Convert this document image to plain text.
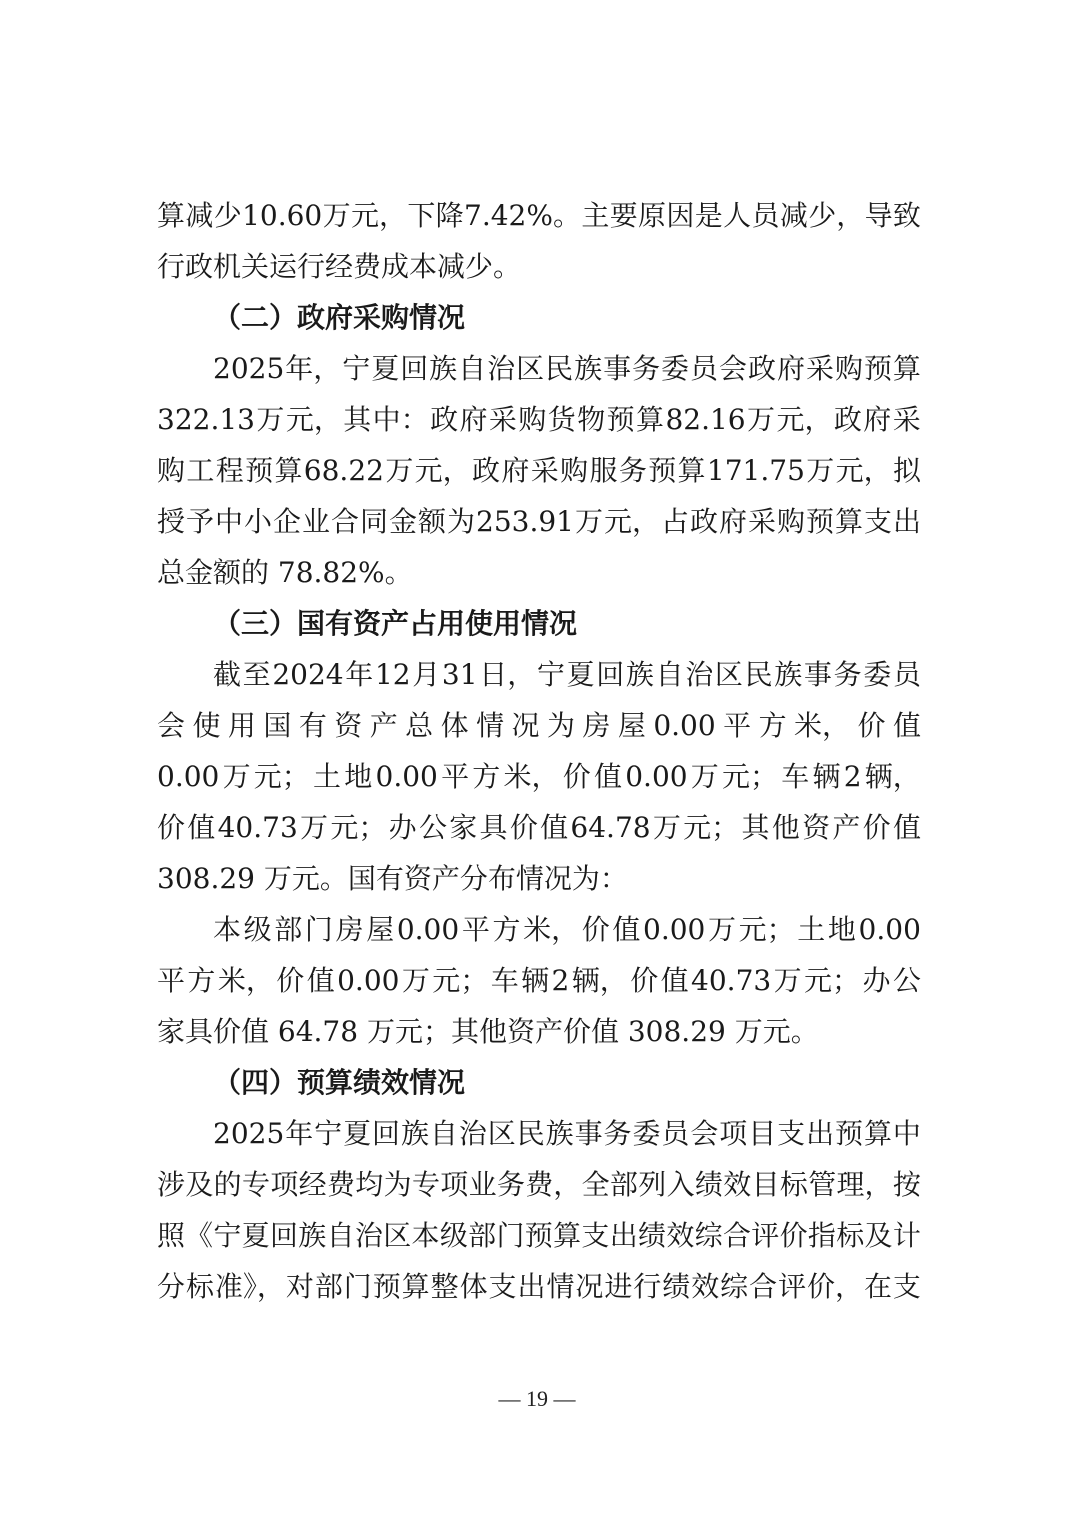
算 减 少 10.60 万 元， 下 降 7.42%。 主 要 原 因 是 人 员 减 少， 导 致
行政机关运行经费成本减少。
（二）政府采购情况
2025 年， 宁 夏 回 族 自 治 区 民 族 事 务 委 员 会 政 府 采 购 预 算
322.13 万 元， 其 中： 政 府 采 购 货 物 预 算 82.16 万 元， 政 府 采
购 工 程 预 算 68.22 万 元， 政 府 采 购 服 务 预 算 171.75 万 元， 拟
授 予 中 小 企 业 合 同 金 额 为 253.91 万 元， 占 政 府 采 购 预 算 支 出
总金额的 78.82%。
（三）国有资产占用使用情况
截 至 2024 年 12 月 31 日， 宁 夏 回 族 自 治 区 民 族 事 务 委 员
会 使 用 国 有 资 产 总 体 情 况 为 房 屋 0.00 平 方 米， 价 值
0.00 万 元； 土 地 0.00 平 方 米， 价 值 0.00 万 元； 车 辆 2 辆，
价 值 40.73 万 元； 办 公 家 具 价 值 64.78 万 元； 其 他 资 产 价 值
308.29 万元。国有资产分布情况为：
本 级 部 门 房 屋 0.00 平 方 米， 价 值 0.00 万 元； 土 地 0.00
平 方 米， 价 值 0.00 万 元； 车 辆 2 辆， 价 值 40.73 万 元； 办 公
家具价值 64.78 万元；其他资产价值 308.29 万元。
（四）预算绩效情况
2025 年 宁 夏 回 族 自 治 区 民 族 事 务 委 员 会 项 目 支 出 预 算 中
涉 及 的 专 项 经 费 均 为 专 项 业 务 费， 全 部 列 入 绩 效 目 标 管 理， 按
照《 宁 夏 回 族 自 治 区 本 级 部 门 预 算 支 出 绩 效 综 合 评 价 指 标 及 计
分 标 准》， 对 部 门 预 算 整 体 支 出 情 况 进 行 绩 效 综 合 评 价， 在 支
— 19 —
